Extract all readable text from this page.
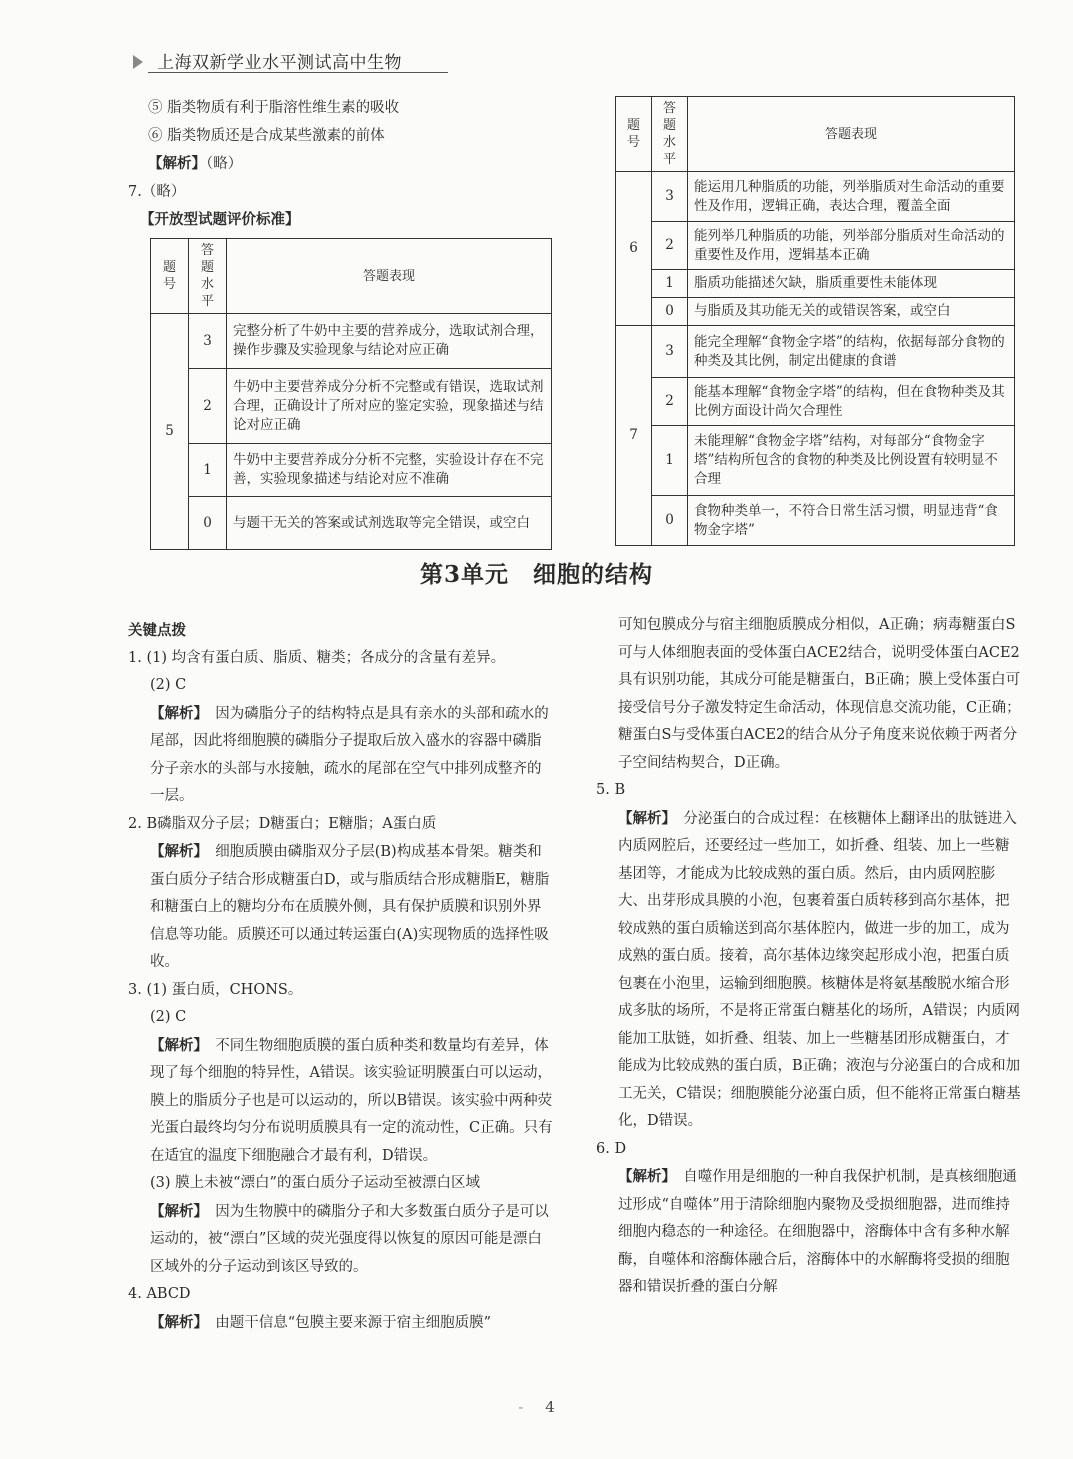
上海双新学业水平测试高中生物
⑤ 脂类物质有利于脂溶性维生素的吸收
⑥ 脂类物质还是合成某些激素的前体
【解析】（略）
7.（略）
【开放型试题评价标准】
题号	答题水平	答题表现
5	3	完整分析了牛奶中主要的营养成分，选取试剂合理，操作步骤及实验现象与结论对应正确
	2	牛奶中主要营养成分分析不完整或有错误，选取试剂合理，正确设计了所对应的鉴定实验，现象描述与结论对应正确
	1	牛奶中主要营养成分分析不完整，实验设计存在不完善，实验现象描述与结论对应不准确
	0	与题干无关的答案或试剂选取等完全错误，或空白
题号	答题水平	答题表现
6	3	能运用几种脂质的功能，列举脂质对生命活动的重要性及作用，逻辑正确，表达合理，覆盖全面
	2	能列举几种脂质的功能，列举部分脂质对生命活动的重要性及作用，逻辑基本正确
	1	脂质功能描述欠缺，脂质重要性未能体现
	0	与脂质及其功能无关的或错误答案，或空白
7	3	能完全理解“食物金字塔”的结构，依据每部分食物的种类及其比例，制定出健康的食谱
	2	能基本理解“食物金字塔”的结构，但在食物种类及其比例方面设计尚欠合理性
	1	未能理解“食物金字塔”结构，对每部分“食物金字塔”结构所包含的食物的种类及比例设置有较明显不合理
	0	食物种类单一，不符合日常生活习惯，明显违背“食物金字塔”
第3单元　细胞的结构

关键点拨

1. (1) 均含有蛋白质、脂质、糖类；各成分的含量有差异。

(2) C

【解析】　 因为磷脂分子的结构特点是具有亲水的头部和疏水的尾部，因此将细胞膜的磷脂分子提取后放入盛水的容器中磷脂分子亲水的头部与水接触，疏水的尾部在空气中排列成整齐的一层。

2. B磷脂双分子层；D糖蛋白；E糖脂；A蛋白质

【解析】　 细胞质膜由磷脂双分子层(B)构成基本骨架。糖类和蛋白质分子结合形成糖蛋白D，或与脂质结合形成糖脂E，糖脂和糖蛋白上的糖均分布在质膜外侧，具有保护质膜和识别外界信息等功能。质膜还可以通过转运蛋白(A)实现物质的选择性吸收。

3. (1) 蛋白质，CHONS。

(2) C

【解析】　 不同生物细胞质膜的蛋白质种类和数量均有差异，体现了每个细胞的特异性，A错误。该实验证明膜蛋白可以运动，膜上的脂质分子也是可以运动的，所以B错误。该实验中两种荧光蛋白最终均匀分布说明质膜具有一定的流动性，C正确。只有在适宜的温度下细胞融合才最有利，D错误。

(3) 膜上未被“漂白”的蛋白质分子运动至被漂白区域

【解析】　 因为生物膜中的磷脂分子和大多数蛋白质分子是可以运动的，被“漂白”区域的荧光强度得以恢复的原因可能是漂白区域外的分子运动到该区导致的。

4. ABCD

【解析】　 由题干信息“包膜主要来源于宿主细胞质膜”

可知包膜成分与宿主细胞质膜成分相似，A正确；病毒糖蛋白S可与人体细胞表面的受体蛋白ACE2结合，说明受体蛋白ACE2具有识别功能，其成分可能是糖蛋白，B正确；膜上受体蛋白可接受信号分子激发特定生命活动，体现信息交流功能，C正确；糖蛋白S与受体蛋白ACE2的结合从分子角度来说依赖于两者分子空间结构契合，D正确。

5. B

【解析】　 分泌蛋白的合成过程：在核糖体上翻译出的肽链进入内质网腔后，还要经过一些加工，如折叠、组装、加上一些糖基团等，才能成为比较成熟的蛋白质。然后，由内质网腔膨大、出芽形成具膜的小泡，包裹着蛋白质转移到高尔基体，把较成熟的蛋白质输送到高尔基体腔内，做进一步的加工，成为成熟的蛋白质。接着，高尔基体边缘突起形成小泡，把蛋白质包裹在小泡里，运输到细胞膜。核糖体是将氨基酸脱水缩合形成多肽的场所，不是将正常蛋白糖基化的场所，A错误；内质网能加工肽链，如折叠、组装、加上一些糖基团形成糖蛋白，才能成为比较成熟的蛋白质，B正确；液泡与分泌蛋白的合成和加工无关，C错误；细胞膜能分泌蛋白质，但不能将正常蛋白糖基化，D错误。

6. D

【解析】　 自噬作用是细胞的一种自我保护机制，是真核细胞通过形成“自噬体”用于清除细胞内聚物及受损细胞器，进而维持细胞内稳态的一种途径。在细胞器中，溶酶体中含有多种水解酶，自噬体和溶酶体融合后，溶酶体中的水解酶将受损的细胞器和错误折叠的蛋白分解

- 4
